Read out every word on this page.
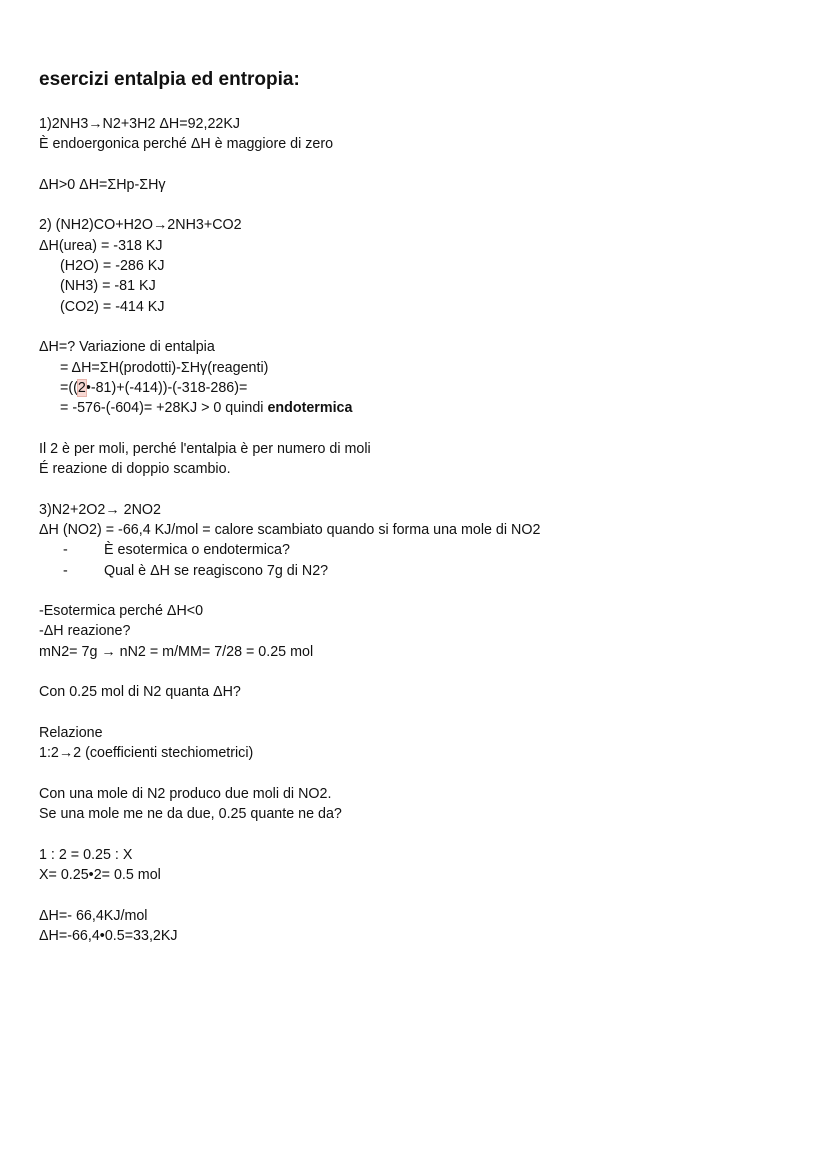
esercizi entalpia ed entropia:
1)2NH3→N2+3H2 ΔH=92,22KJ
È endoergonica perché ΔH è maggiore di zero
ΔH>0 ΔH=ΣHp-ΣHγ
2) (NH2)CO+H2O→2NH3+CO2
ΔH(urea) = -318 KJ
(H2O) = -286 KJ
(NH3) = -81 KJ
(CO2) = -414 KJ
ΔH=? Variazione di entalpia
= ΔH=ΣH(prodotti)-ΣHγ(reagenti)
=((2•-81)+(-414))-(-318-286)=
= -576-(-604)= +28KJ > 0 quindi endotermica
Il 2 è per moli, perché l'entalpia è per numero di moli
É reazione di doppio scambio.
3)N2+2O2→ 2NO2
ΔH (NO2) = -66,4 KJ/mol = calore scambiato quando si forma una mole di NO2
-	È esotermica o endotermica?
-	Qual è ΔH se reagiscono 7g di N2?
-Esotermica perché ΔH<0
-ΔH reazione?
mN2= 7g → nN2 = m/MM= 7/28 = 0.25 mol
Con 0.25 mol di N2 quanta ΔH?
Relazione
1:2→2 (coefficienti stechiometrici)
Con una mole di N2 produco due moli di NO2.
Se una mole me ne da due, 0.25 quante ne da?
1 : 2 = 0.25 : X
X= 0.25•2= 0.5 mol
ΔH=- 66,4KJ/mol
ΔH=-66,4•0.5=33,2KJ
